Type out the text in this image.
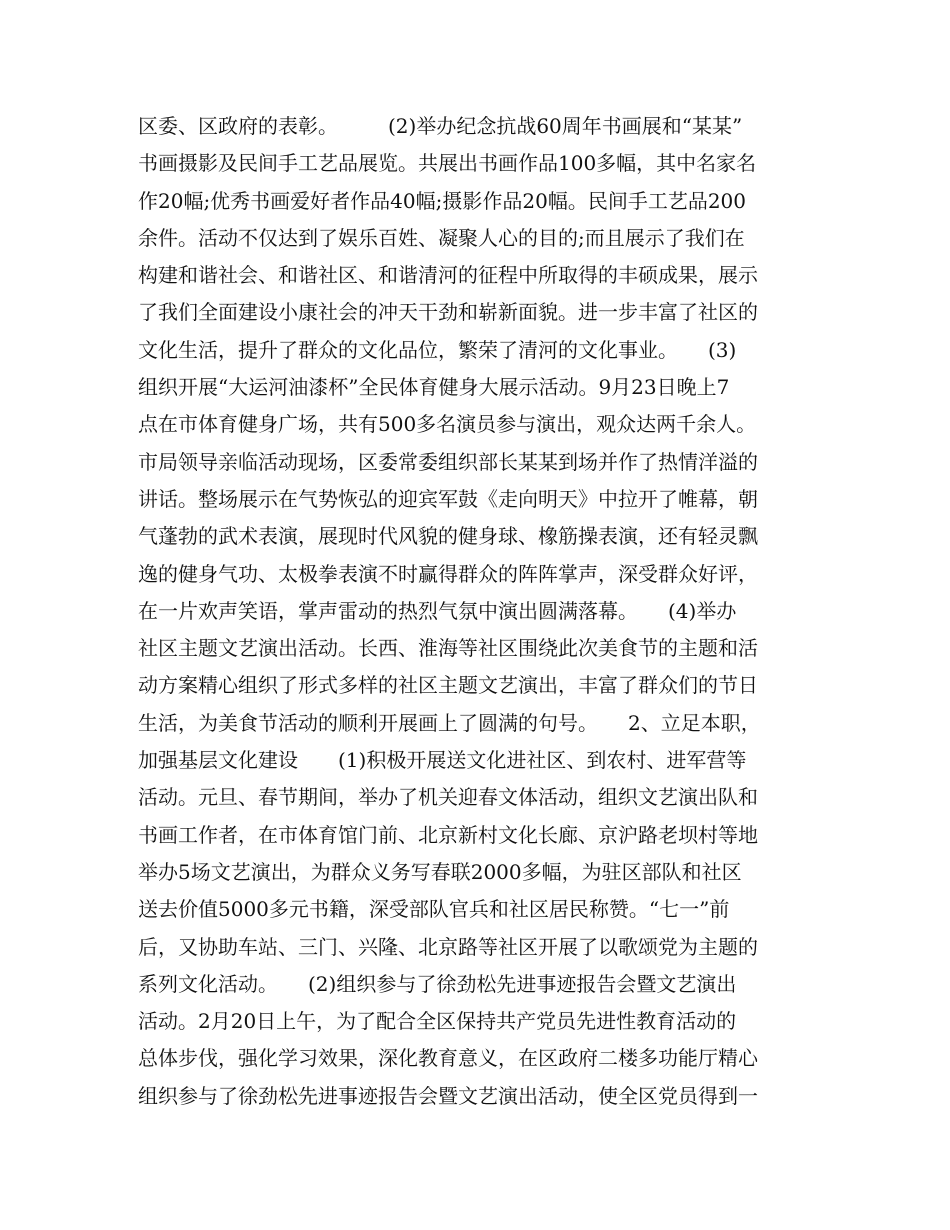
区委、区政府的表彰。　　　(2)举办纪念抗战60周年书画展和“某某”
书画摄影及民间手工艺品展览。共展出书画作品100多幅，其中名家名
作20幅;优秀书画爱好者作品40幅;摄影作品20幅。民间手工艺品200
余件。活动不仅达到了娱乐百姓、凝聚人心的目的;而且展示了我们在
构建和谐社会、和谐社区、和谐清河的征程中所取得的丰硕成果，展示
了我们全面建设小康社会的冲天干劲和崭新面貌。进一步丰富了社区的
文化生活，提升了群众的文化品位，繁荣了清河的文化事业。　　(3)
组织开展“大运河油漆杯”全民体育健身大展示活动。9月23日晚上7
点在市体育健身广场，共有500多名演员参与演出，观众达两千余人。
市局领导亲临活动现场，区委常委组织部长某某到场并作了热情洋溢的
讲话。整场展示在气势恢弘的迎宾军鼓《走向明天》中拉开了帷幕，朝
气蓬勃的武术表演，展现时代风貌的健身球、橡筋操表演，还有轻灵飘
逸的健身气功、太极拳表演不时赢得群众的阵阵掌声，深受群众好评，
在一片欢声笑语，掌声雷动的热烈气氛中演出圆满落幕。　　(4)举办
社区主题文艺演出活动。长西、淮海等社区围绕此次美食节的主题和活
动方案精心组织了形式多样的社区主题文艺演出，丰富了群众们的节日
生活，为美食节活动的顺利开展画上了圆满的句号。　　2、立足本职，
加强基层文化建设　　(1)积极开展送文化进社区、到农村、进军营等
活动。元旦、春节期间，举办了机关迎春文体活动，组织文艺演出队和
书画工作者，在市体育馆门前、北京新村文化长廊、京沪路老坝村等地
举办5场文艺演出，为群众义务写春联2000多幅，为驻区部队和社区
送去价值5000多元书籍，深受部队官兵和社区居民称赞。“七一”前
后，又协助车站、三门、兴隆、北京路等社区开展了以歌颂党为主题的
系列文化活动。　　(2)组织参与了徐劲松先进事迹报告会暨文艺演出
活动。2月20日上午，为了配合全区保持共产党员先进性教育活动的
总体步伐，强化学习效果，深化教育意义，在区政府二楼多功能厅精心
组织参与了徐劲松先进事迹报告会暨文艺演出活动，使全区党员得到一
